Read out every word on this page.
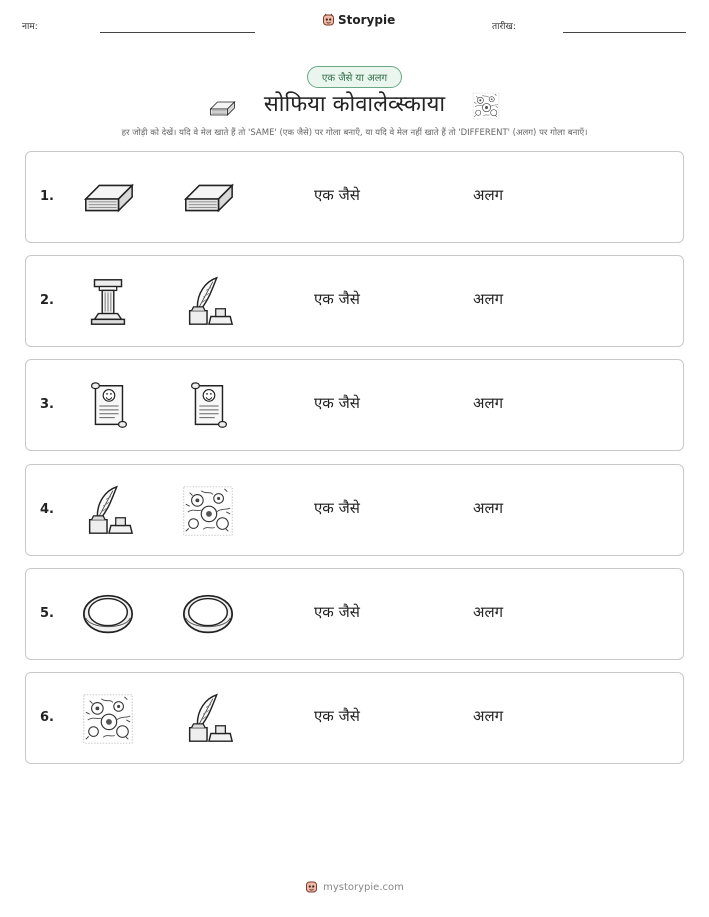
नाम:	Storypie	तारीख:
एक जैसे या अलग
सोफिया कोवालेव्स्काया
हर जोड़ी को देखें। यदि वे मेल खाते हैं तो 'SAME' (एक जैसे) पर गोला बनाएँ, या यदि वे मेल नहीं खाते हैं तो 'DIFFERENT' (अलग) पर गोला बनाएँ।
1.	एक जैसे	अलग
2.	एक जैसे	अलग
3.	एक जैसे	अलग
4.	एक जैसे	अलग
5.	एक जैसे	अलग
6.	एक जैसे	अलग
mystorypie.com
